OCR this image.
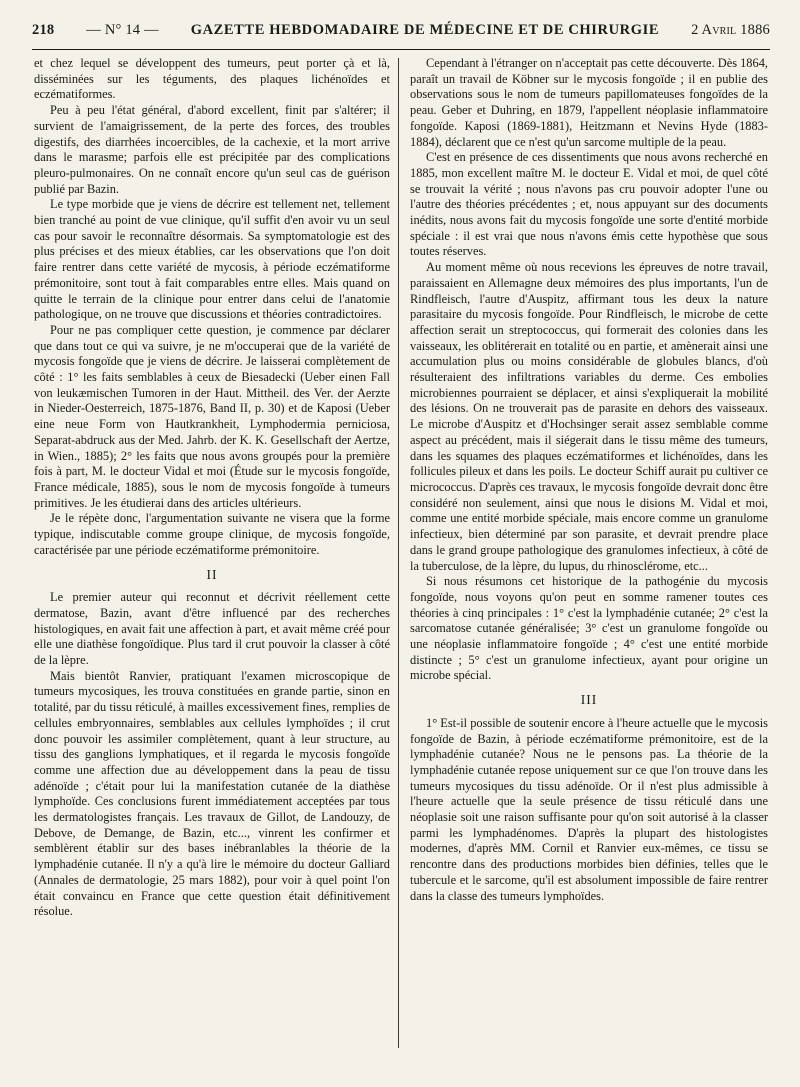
218 — N° 14 — GAZETTE HEBDOMADAIRE DE MÉDECINE ET DE CHIRURGIE 2 Avril 1886

et chez lequel se développent des tumeurs, peut porter çà et là, disséminées sur les téguments, des plaques lichénoïdes et eczématiformes.

Peu à peu l'état général, d'abord excellent, finit par s'altérer; il survient de l'amaigrissement, de la perte des forces, des troubles digestifs, des diarrhées incoercibles, de la cachexie, et la mort arrive dans le marasme; parfois elle est précipitée par des complications pleuro-pulmonaires. On ne connaît encore qu'un seul cas de guérison publié par Bazin.

Le type morbide que je viens de décrire est tellement net, tellement bien tranché au point de vue clinique, qu'il suffit d'en avoir vu un seul cas pour savoir le reconnaître désormais. Sa symptomatologie est des plus précises et des mieux établies, car les observations que l'on doit faire rentrer dans cette variété de mycosis, à période eczématiforme prémonitoire, sont tout à fait comparables entre elles. Mais quand on quitte le terrain de la clinique pour entrer dans celui de l'anatomie pathologique, on ne trouve que discussions et théories contradictoires.

Pour ne pas compliquer cette question, je commence par déclarer que dans tout ce qui va suivre, je ne m'occuperai que de la variété de mycosis fongoïde que je viens de décrire. Je laisserai complètement de côté : 1° les faits semblables à ceux de Biesadecki (Ueber einen Fall von leukæmischen Tumoren in der Haut. Mittheil. des Ver. der Aerzte in Nieder-Oesterreich, 1875-1876, Band II, p. 30) et de Kaposi (Ueber eine neue Form von Hautkrankheit, Lymphodermia perniciosa, Separat-abdruck aus der Med. Jahrb. der K. K. Gesellschaft der Aertze, in Wien., 1885); 2° les faits que nous avons groupés pour la première fois à part, M. le docteur Vidal et moi (Étude sur le mycosis fongoïde, France médicale, 1885), sous le nom de mycosis fongoïde à tumeurs primitives. Je les étudierai dans des articles ultérieurs.

Je le répète donc, l'argumentation suivante ne visera que la forme typique, indiscutable comme groupe clinique, de mycosis fongoïde, caractérisée par une période eczématiforme prémonitoire.

II

Le premier auteur qui reconnut et décrivit réellement cette dermatose, Bazin, avant d'être influencé par des recherches histologiques, en avait fait une affection à part, et avait même créé pour elle une diathèse fongoïdique. Plus tard il crut pouvoir la classer à côté de la lèpre.

Mais bientôt Ranvier, pratiquant l'examen microscopique de tumeurs mycosiques, les trouva constituées en grande partie, sinon en totalité, par du tissu réticulé, à mailles excessivement fines, remplies de cellules embryonnaires, semblables aux cellules lymphoïdes ; il crut donc pouvoir les assimiler complètement, quant à leur structure, au tissu des ganglions lymphatiques, et il regarda le mycosis fongoïde comme une affection due au développement dans la peau de tissu adénoïde ; c'était pour lui la manifestation cutanée de la diathèse lymphoïde. Ces conclusions furent immédiatement acceptées par tous les dermatologistes français. Les travaux de Gillot, de Landouzy, de Debove, de Demange, de Bazin, etc..., vinrent les confirmer et semblèrent établir sur des bases inébranlables la théorie de la lymphadénie cutanée. Il n'y a qu'à lire le mémoire du docteur Galliard (Annales de dermatologie, 25 mars 1882), pour voir à quel point l'on était convaincu en France que cette question était définitivement résolue.

Cependant à l'étranger on n'acceptait pas cette découverte. Dès 1864, paraît un travail de Köbner sur le mycosis fongoïde ; il en publie des observations sous le nom de tumeurs papillomateuses fongoïdes de la peau. Geber et Duhring, en 1879, l'appellent néoplasie inflammatoire fongoïde. Kaposi (1869-1881), Heitzmann et Nevins Hyde (1883-1884), déclarent que ce n'est qu'un sarcome multiple de la peau.

C'est en présence de ces dissentiments que nous avons recherché en 1885, mon excellent maître M. le docteur E. Vidal et moi, de quel côté se trouvait la vérité ; nous n'avons pas cru pouvoir adopter l'une ou l'autre des théories précédentes ; et, nous appuyant sur des documents inédits, nous avons fait du mycosis fongoïde une sorte d'entité morbide spéciale : il est vrai que nous n'avons émis cette hypothèse que sous toutes réserves.

Au moment même où nous recevions les épreuves de notre travail, paraissaient en Allemagne deux mémoires des plus importants, l'un de Rindfleisch, l'autre d'Auspitz, affirmant tous les deux la nature parasitaire du mycosis fongoïde. Pour Rindfleisch, le microbe de cette affection serait un streptococcus, qui formerait des colonies dans les vaisseaux, les oblitérerait en totalité ou en partie, et amènerait ainsi une accumulation plus ou moins considérable de globules blancs, d'où résulteraient des infiltrations variables du derme. Ces embolies microbiennes pourraient se déplacer, et ainsi s'expliquerait la mobilité des lésions. On ne trouverait pas de parasite en dehors des vaisseaux. Le microbe d'Auspitz et d'Hochsinger serait assez semblable comme aspect au précédent, mais il siégerait dans le tissu même des tumeurs, dans les squames des plaques eczématiformes et lichénoïdes, dans les follicules pileux et dans les poils. Le docteur Schiff aurait pu cultiver ce micrococcus. D'après ces travaux, le mycosis fongoïde devrait donc être considéré non seulement, ainsi que nous le disions M. Vidal et moi, comme une entité morbide spéciale, mais encore comme un granulome infectieux, bien déterminé par son parasite, et devrait prendre place dans le grand groupe pathologique des granulomes infectieux, à côté de la tuberculose, de la lèpre, du lupus, du rhinosclérome, etc...

Si nous résumons cet historique de la pathogénie du mycosis fongoïde, nous voyons qu'on peut en somme ramener toutes ces théories à cinq principales : 1° c'est la lymphadénie cutanée; 2° c'est la sarcomatose cutanée généralisée; 3° c'est un granulome fongoïde ou une néoplasie inflammatoire fongoïde ; 4° c'est une entité morbide distincte ; 5° c'est un granulome infectieux, ayant pour origine un microbe spécial.

III

1° Est-il possible de soutenir encore à l'heure actuelle que le mycosis fongoïde de Bazin, à période eczématiforme prémonitoire, est de la lymphadénie cutanée? Nous ne le pensons pas. La théorie de la lymphadénie cutanée repose uniquement sur ce que l'on trouve dans les tumeurs mycosiques du tissu adénoïde. Or il n'est plus admissible à l'heure actuelle que la seule présence de tissu réticulé dans une néoplasie soit une raison suffisante pour qu'on soit autorisé à la classer parmi les lymphadénomes. D'après la plupart des histologistes modernes, d'après MM. Cornil et Ranvier eux-mêmes, ce tissu se rencontre dans des productions morbides bien définies, telles que le tubercule et le sarcome, qu'il est absolument impossible de faire rentrer dans la classe des tumeurs lymphoïdes.
